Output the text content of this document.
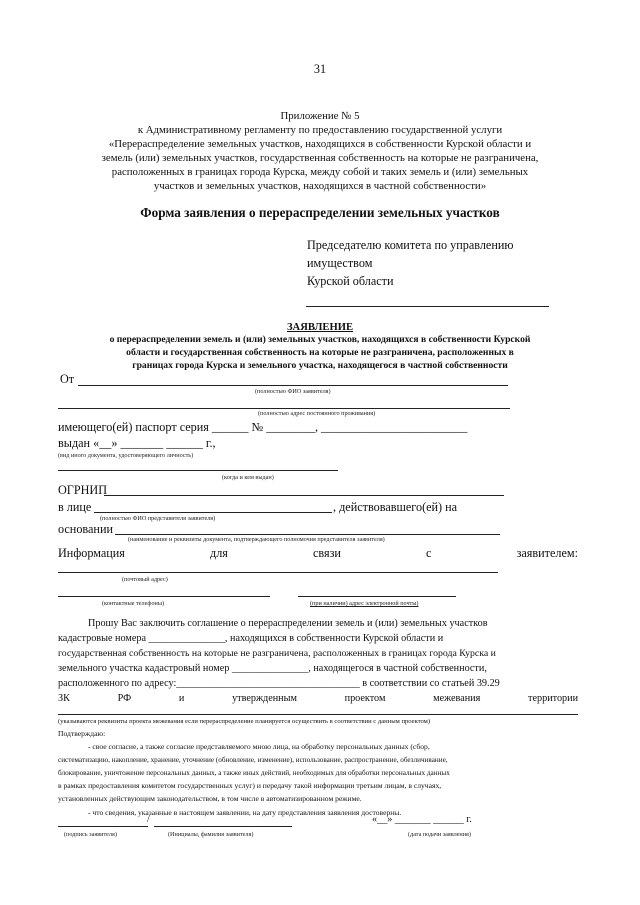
31
Приложение № 5
к Административному регламенту по предоставлению государственной услуги
«Перераспределение земельных участков, находящихся в собственности Курской области и
земель (или) земельных участков, государственная собственность на которые не разграничена,
расположенных в границах города Курска, между собой и таких земель и (или) земельных
участков и земельных участков, находящихся в частной собственности»
Форма заявления о перераспределении земельных участков
Председателю комитета по управлению
имуществом
Курской области
ЗАЯВЛЕНИЕ
о перераспределении земель и (или) земельных участков, находящихся в собственности Курской
области и государственная собственность на которые не разграничена, расположенных в
границах города Курска и земельного участка, находящегося в частной собственности
От
(полностью ФИО заявителя)
(полностью адрес постоянного проживания)
имеющего(ей) паспорт серия ______ № ________, ________________________
выдан «__» _______ ______ г.,
(вид иного документа, удостоверяющего личность)
(когда и кем выдан)
ОГРНИП
в лице	, действовавшего(ей) на
(полностью ФИО представителя заявителя)
основании
(наименование и реквизиты документа, подтверждающего полномочия представителя заявителя)
Информация	для	связи	с	заявителем:
(почтовый адрес)
(контактные телефоны)	(при наличии) адрес электронной почты)
Прошу Вас заключить соглашение о перераспределении земель и (или) земельных участков
кадастровые номера _______________, находящихся в собственности Курской области и
государственная собственность на которые не разграничена, расположенных в границах города Курска и
земельного участка кадастровый номер _______________, находящегося в частной собственности,
расположенного по адресу:____________________________________ в соответствии со статьей 39.29
ЗК	РФ	и	утвержденным	проектом	межевания	территории
(указываются реквизиты проекта межевания если перераспределение планируется осуществить в соответствии с данным проектом)
Подтверждаю:
- свое согласие, а также согласие представляемого мною лица, на обработку персональных данных (сбор,
систематизацию, накопление, хранение, уточнение (обновление, изменение), использование, распространение, обезличивание,
блокирование, уничтожение персональных данных, а также иных действий, необходимых для обработки персональных данных
в рамках предоставления комитетом государственных услуг) и передачу такой информации третьим лицам, в случаях,
установленных действующим законодательством, в том числе в автоматизированном режиме.
- что сведения, указанные в настоящем заявлении, на дату представления заявления достоверны.
/	«__» _______ ______ г.
(подпись заявителя)	(Инициалы, фамилия заявителя)	(дата подачи заявления)
